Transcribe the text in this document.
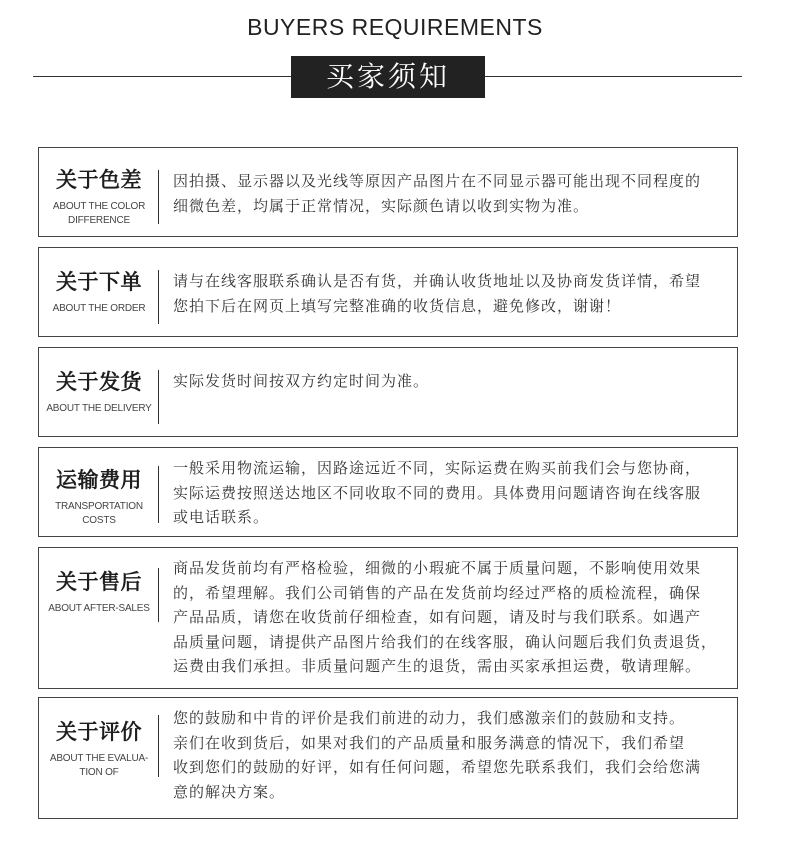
BUYERS REQUIREMENTS
买家须知
关于色差
ABOUT THE COLOR
DIFFERENCE
因拍摄、显示器以及光线等原因产品图片在不同显示器可能出现不同程度的
细微色差，均属于正常情况，实际颜色请以收到实物为准。
关于下单
ABOUT THE ORDER
请与在线客服联系确认是否有货，并确认收货地址以及协商发货详情，希望
您拍下后在网页上填写完整准确的收货信息，避免修改，谢谢！
关于发货
ABOUT THE DELIVERY
实际发货时间按双方约定时间为准。
运输费用
TRANSPORTATION
COSTS
一般采用物流运输，因路途远近不同，实际运费在购买前我们会与您协商，
实际运费按照送达地区不同收取不同的费用。具体费用问题请咨询在线客服
或电话联系。
关于售后
ABOUT AFTER-SALES
商品发货前均有严格检验，细微的小瑕疵不属于质量问题，不影响使用效果
的，希望理解。我们公司销售的产品在发货前均经过严格的质检流程，确保
产品品质，请您在收货前仔细检查，如有问题，请及时与我们联系。如遇产
品质量问题，请提供产品图片给我们的在线客服，确认问题后我们负责退货，
运费由我们承担。非质量问题产生的退货，需由买家承担运费，敬请理解。
关于评价
ABOUT THE EVALUA-
TION OF
您的鼓励和中肯的评价是我们前进的动力，我们感激亲们的鼓励和支持。
亲们在收到货后，如果对我们的产品质量和服务满意的情况下，我们希望
收到您们的鼓励的好评，如有任何问题，希望您先联系我们，我们会给您满
意的解决方案。
